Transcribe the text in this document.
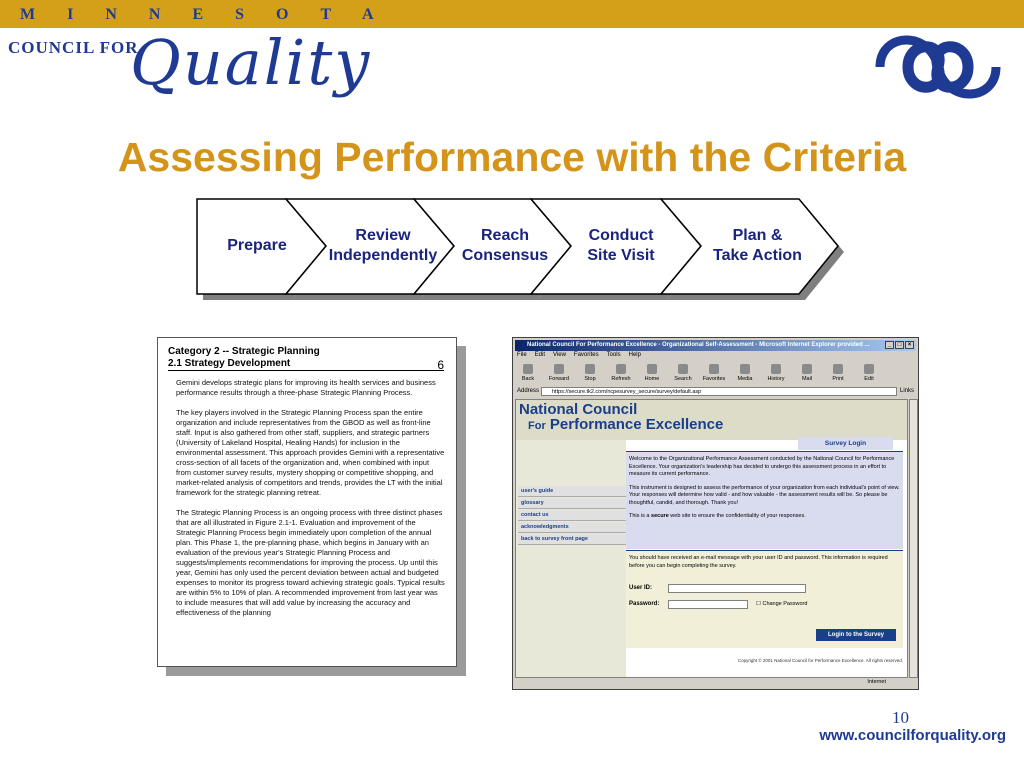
MINNESOTA
COUNCIL FOR
Quality
Assessing Performance with the Criteria
Prepare
Review
Independently
Reach
Consensus
Conduct
Site Visit
Plan &
Take Action
Category 2 -- Strategic Planning
2.1 Strategy Development	6

Gemini develops strategic plans for improving its health services and business performance results through a three-phase Strategic Planning Process.

The key players involved in the Strategic Planning Process span the entire organization and include representatives from the GBOD as well as front-line staff. Input is also gathered from other staff, suppliers, and strategic partners (University of Lakeland Hospital, Healing Hands) for inclusion in the environmental assessment. This approach provides Gemini with a representative cross-section of all facets of the organization and, when combined with input from customer survey results, mystery shopping or competitive shopping, and market-related analysis of competitors and trends, provides the LT with the initial framework for the strategic planning retreat.

The Strategic Planning Process is an ongoing process with three distinct phases that are all illustrated in Figure 2.1-1. Evaluation and improvement of the Strategic Planning Process begin immediately upon completion of the annual plan. This Phase 1, the pre-planning phase, which begins in January with an evaluation of the previous year's Strategic Planning Process and suggests/implements recommendations for improving the process. Up until this year, Gemini has only used the percent deviation between actual and budgeted expenses to monitor its progress toward achieving strategic goals. Typical results are within 5% to 10% of plan. A recommended improvement from last year was to include measures that will add value by increasing the accuracy and effectiveness of the planning

National Council For Performance Excellence - Organizational Self-Assessment - Microsoft Internet Explorer provided ...	_	□	×
File Edit View Favorites Tools Help
Back	Forward	Stop	Refresh	Home	Search Favorites Media	History	Mail	Print	Edit
Address	https://secure.tk2.com/ncpesurvey_secure/survey/default.asp	Links
National Council
For Performance Excellence
user's guide
glossary
contact us
acknowledgments
back to survey front page
Survey Login

Welcome to the Organizational Performance Assessment conducted by the National Council for Performance Excellence. Your organization's leadership has decided to undergo this assessment process in an effort to measure its current performance.

This instrument is designed to assess the performance of your organization from each individual's point of view. Your responses will determine how valid - and how valuable - the assessment results will be. So please be thoughtful, candid, and thorough. Thank you!

This is a secure web site to ensure the confidentiality of your responses.

You should have received an e-mail message with your user ID and password. This information is required before you can begin completing the survey.
User ID:
Password:	☐ Change Password
Login to the Survey
Copyright © 2001 National Council for Performance Excellence. All rights reserved.
Internet
10
www.councilforquality.org
